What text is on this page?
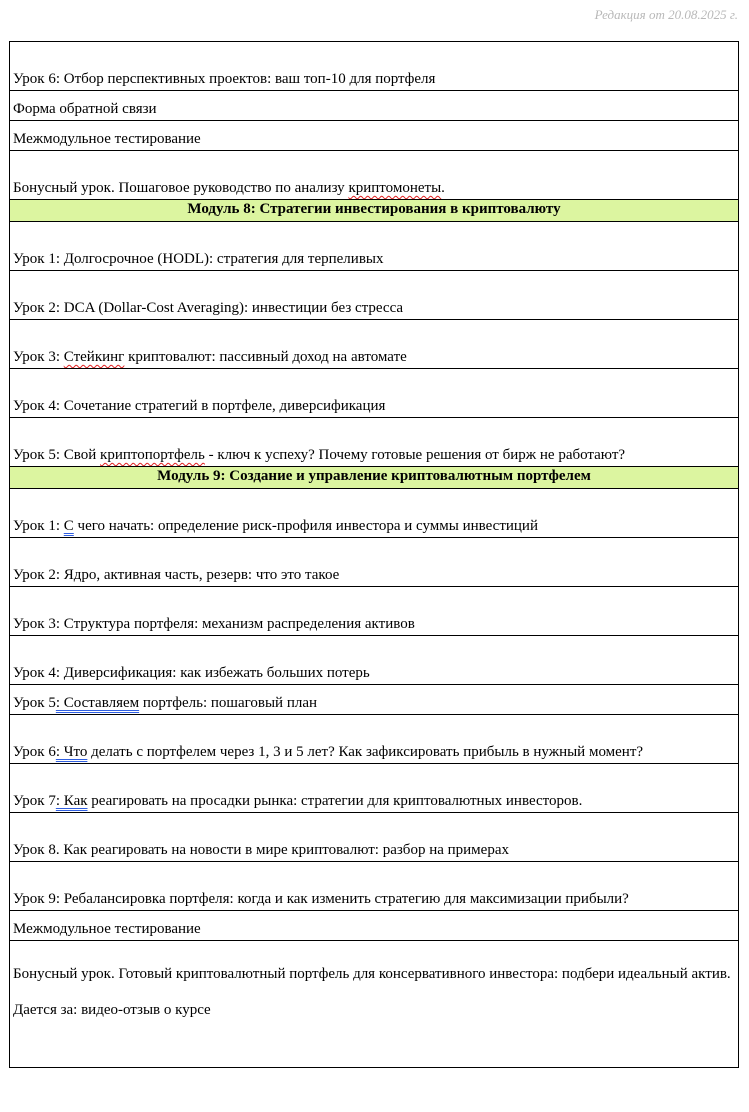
Редакция от 20.08.2025 г.
Урок 6: Отбор перспективных проектов: ваш топ-10 для портфеля
Форма обратной связи
Межмодульное тестирование
Бонусный урок. Пошаговое руководство по анализу криптомонеты.
Модуль 8: Стратегии инвестирования в криптовалюту
Урок 1: Долгосрочное (HODL): стратегия для терпеливых
Урок 2: DCA (Dollar-Cost Averaging): инвестиции без стресса
Урок 3: Стейкинг криптовалют: пассивный доход на автомате
Урок 4: Сочетание стратегий в портфеле, диверсификация
Урок 5: Свой криптопортфель - ключ к успеху? Почему готовые решения от бирж не работают?
Модуль 9: Создание и управление криптовалютным портфелем
Урок 1: С чего начать: определение риск-профиля инвестора и суммы инвестиций
Урок 2: Ядро, активная часть, резерв: что это такое
Урок 3: Структура портфеля: механизм распределения активов
Урок 4: Диверсификация: как избежать больших потерь
Урок 5: Составляем портфель: пошаговый план
Урок 6: Что делать с портфелем через 1, 3 и 5 лет? Как зафиксировать прибыль в нужный момент?
Урок 7: Как реагировать на просадки рынка: стратегии для криптовалютных инвесторов.
Урок 8. Как реагировать на новости в мире криптовалют: разбор на примерах
Урок 9: Ребалансировка портфеля: когда и как изменить стратегию для максимизации прибыли?
Межмодульное тестирование
Бонусный урок. Готовый криптовалютный портфель для консервативного инвестора: подбери идеальный актив.
Дается за: видео-отзыв о курсе
